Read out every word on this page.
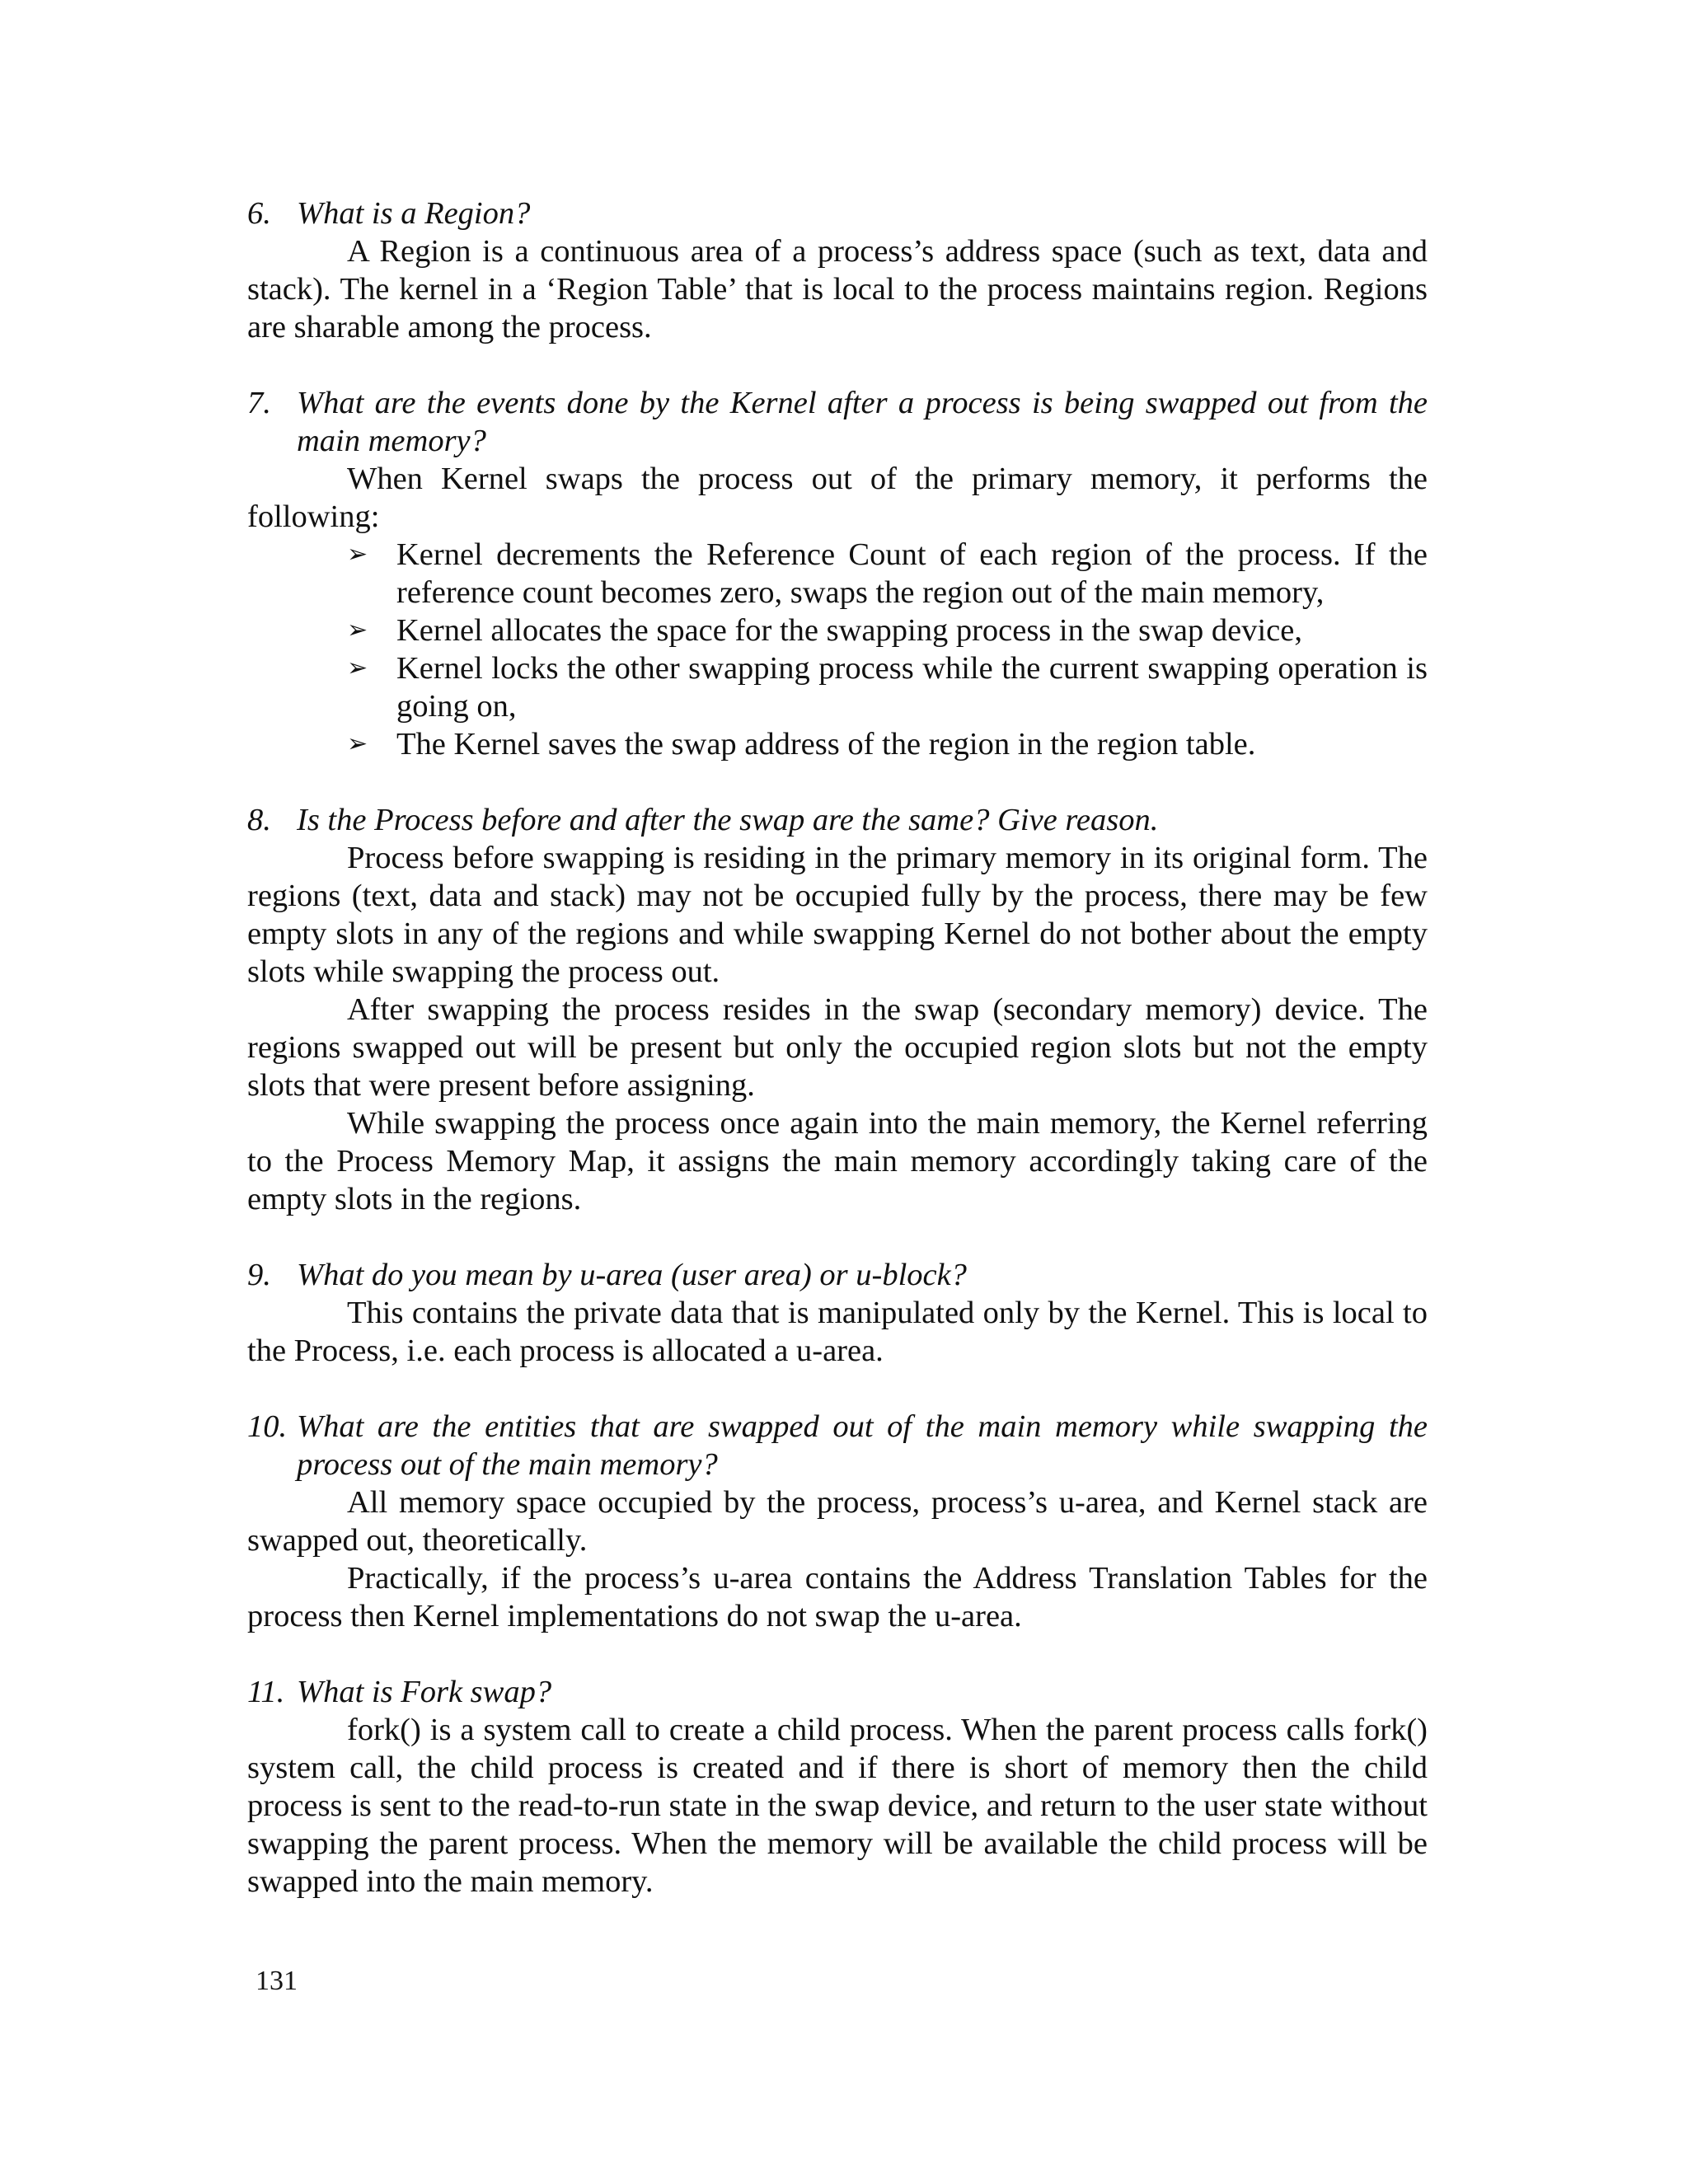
6. What is a Region?

A Region is a continuous area of a process’s address space (such as text, data and stack). The kernel in a ‘Region Table’ that is local to the process maintains region. Regions are sharable among the process.

7. What are the events done by the Kernel after a process is being swapped out from the main memory?

When Kernel swaps the process out of the primary memory, it performs the following:

➢ Kernel decrements the Reference Count of each region of the process. If the reference count becomes zero, swaps the region out of the main memory,
➢ Kernel allocates the space for the swapping process in the swap device,
➢ Kernel locks the other swapping process while the current swapping operation is going on,
➢ The Kernel saves the swap address of the region in the region table.

8. Is the Process before and after the swap are the same? Give reason.

Process before swapping is residing in the primary memory in its original form. The regions (text, data and stack) may not be occupied fully by the process, there may be few empty slots in any of the regions and while swapping Kernel do not bother about the empty slots while swapping the process out.

After swapping the process resides in the swap (secondary memory) device. The regions swapped out will be present but only the occupied region slots but not the empty slots that were present before assigning.

While swapping the process once again into the main memory, the Kernel referring to the Process Memory Map, it assigns the main memory accordingly taking care of the empty slots in the regions.

9. What do you mean by u-area (user area) or u-block?

This contains the private data that is manipulated only by the Kernel. This is local to the Process, i.e. each process is allocated a u-area.

10. What are the entities that are swapped out of the main memory while swapping the process out of the main memory?

All memory space occupied by the process, process’s u-area, and Kernel stack are swapped out, theoretically.

Practically, if the process’s u-area contains the Address Translation Tables for the process then Kernel implementations do not swap the u-area.

11. What is Fork swap?

fork() is a system call to create a child process. When the parent process calls fork() system call, the child process is created and if there is short of memory then the child process is sent to the read-to-run state in the swap device, and return to the user state without swapping the parent process. When the memory will be available the child process will be swapped into the main memory.

131
